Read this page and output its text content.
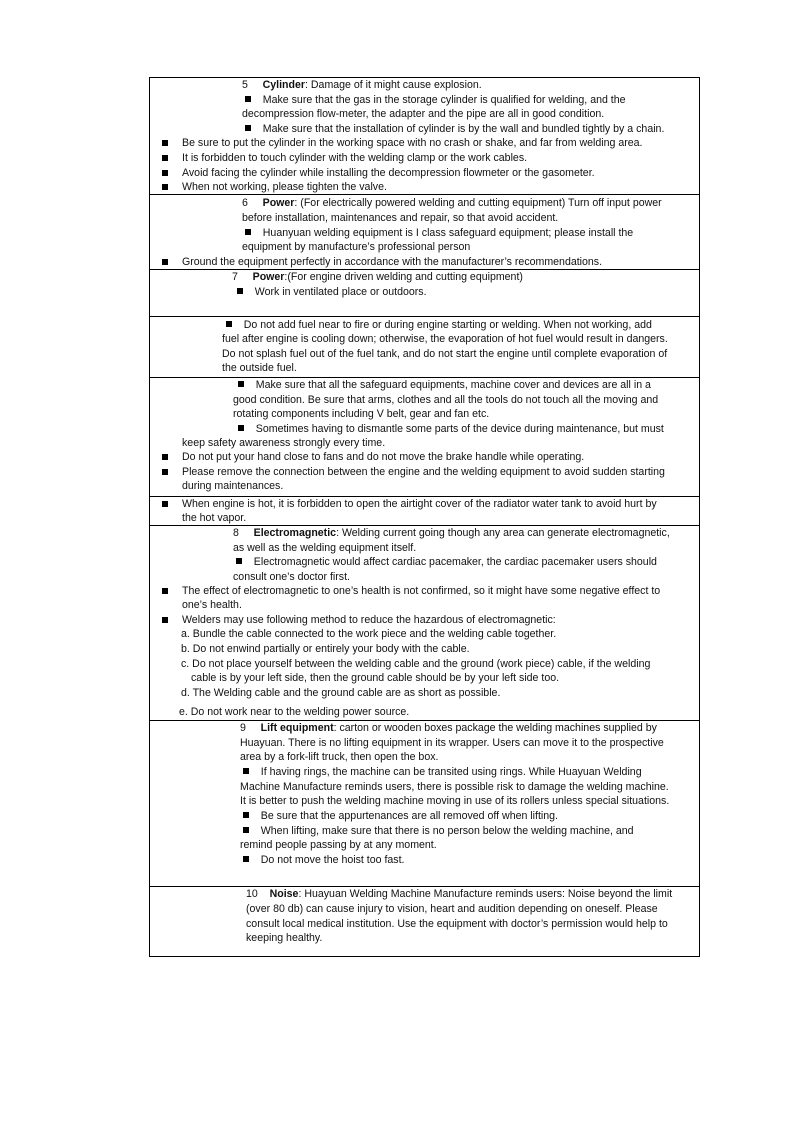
5 Cylinder: Damage of it might cause explosion.
Make sure that the gas in the storage cylinder is qualified for welding, and the
decompression flow-meter, the adapter and the pipe are all in good condition.
Make sure that the installation of cylinder is by the wall and bundled tightly by a chain.
Be sure to put the cylinder in the working space with no crash or shake, and far from welding area.
It is forbidden to touch cylinder with the welding clamp or the work cables.
Avoid facing the cylinder while installing the decompression flowmeter or the gasometer.
When not working, please tighten the valve.
6 Power: (For electrically powered welding and cutting equipment) Turn off input power
before installation, maintenances and repair, so that avoid accident.
Huanyuan welding equipment is I class safeguard equipment; please install the
equipment by manufacture’s professional person
Ground the equipment perfectly in accordance with the manufacturer’s recommendations.
7 Power:(For engine driven welding and cutting equipment)
Work in ventilated place or outdoors.
Do not add fuel near to fire or during engine starting or welding. When not working, add
fuel after engine is cooling down; otherwise, the evaporation of hot fuel would result in dangers.
Do not splash fuel out of the fuel tank, and do not start the engine until complete evaporation of
the outside fuel.
Make sure that all the safeguard equipments, machine cover and devices are all in a
good condition. Be sure that arms, clothes and all the tools do not touch all the moving and
rotating components including V belt, gear and fan etc.
Sometimes having to dismantle some parts of the device during maintenance, but must
keep safety awareness strongly every time.
Do not put your hand close to fans and do not move the brake handle while operating.
Please remove the connection between the engine and the welding equipment to avoid sudden starting
during maintenances.
When engine is hot, it is forbidden to open the airtight cover of the radiator water tank to avoid hurt by
the hot vapor.
8 Electromagnetic: Welding current going though any area can generate electromagnetic,
as well as the welding equipment itself.
Electromagnetic would affect cardiac pacemaker, the cardiac pacemaker users should
consult one’s doctor first.
The effect of electromagnetic to one’s health is not confirmed, so it might have some negative effect to
one’s health.
Welders may use following method to reduce the hazardous of electromagnetic:
a. Bundle the cable connected to the work piece and the welding cable together.
b. Do not enwind partially or entirely your body with the cable.
c. Do not place yourself between the welding cable and the ground (work piece) cable, if the welding
cable is by your left side, then the ground cable should be by your left side too.
d. The Welding cable and the ground cable are as short as possible.
e. Do not work near to the welding power source.
9 Lift equipment: carton or wooden boxes package the welding machines supplied by
Huayuan. There is no lifting equipment in its wrapper. Users can move it to the prospective
area by a fork-lift truck, then open the box.
If having rings, the machine can be transited using rings. While Huayuan Welding
Machine Manufacture reminds users, there is possible risk to damage the welding machine.
It is better to push the welding machine moving in use of its rollers unless special situations.
Be sure that the appurtenances are all removed off when lifting.
When lifting, make sure that there is no person below the welding machine, and
remind people passing by at any moment.
Do not move the hoist too fast.
10 Noise: Huayuan Welding Machine Manufacture reminds users: Noise beyond the limit
(over 80 db) can cause injury to vision, heart and audition depending on oneself. Please
consult local medical institution. Use the equipment with doctor’s permission would help to
keeping healthy.
